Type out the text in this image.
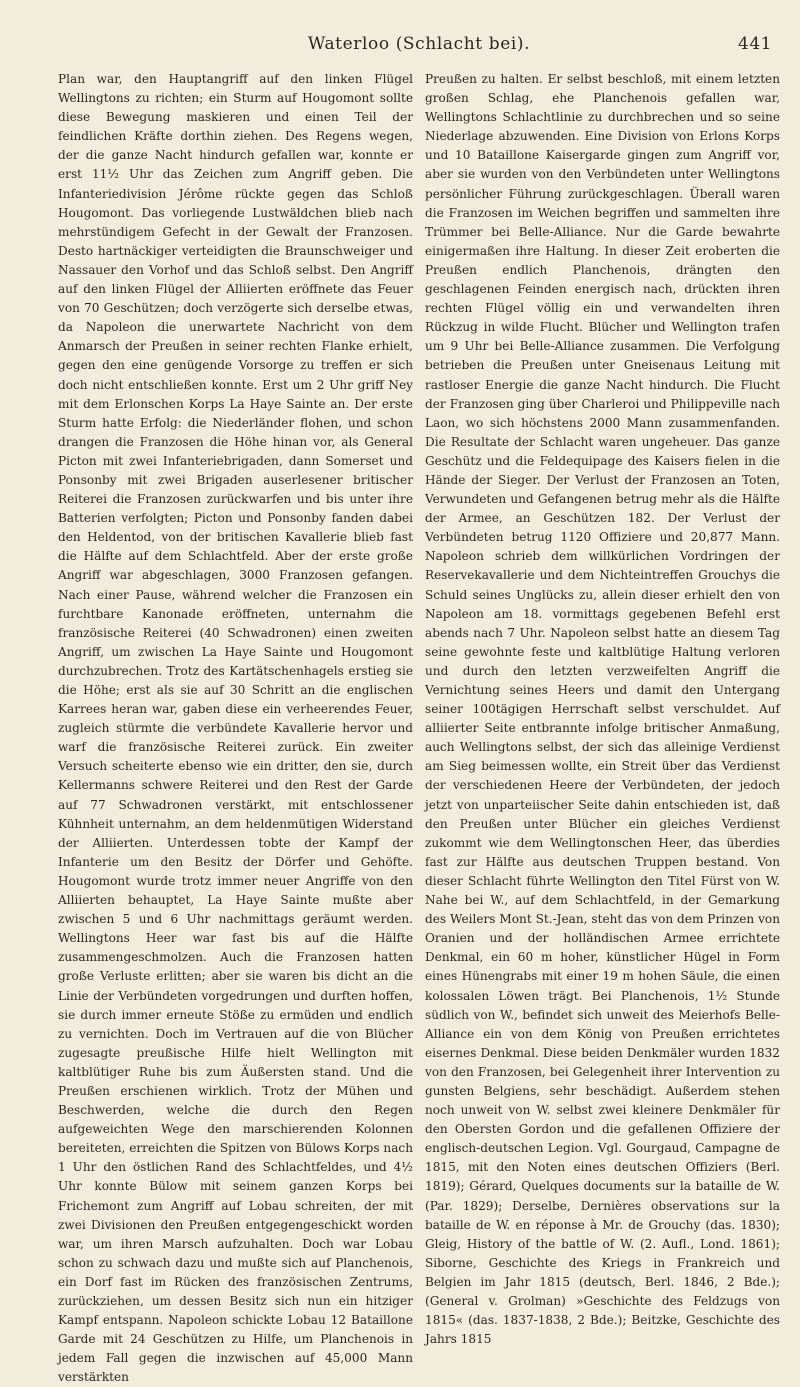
Waterloo (Schlacht bei).	441

Plan war, den Hauptangriff auf den linken Flügel Wellingtons zu richten; ein Sturm auf Hougomont sollte diese Bewegung maskieren und einen Teil der feindlichen Kräfte dorthin ziehen. Des Regens wegen, der die ganze Nacht hindurch gefallen war, konnte er erst 11½ Uhr das Zeichen zum Angriff geben. Die Infanteriedivision Jérôme rückte gegen das Schloß Hougomont. Das vorliegende Lustwäldchen blieb nach mehrstündigem Gefecht in der Gewalt der Franzosen. Desto hartnäckiger verteidigten die Braunschweiger und Nassauer den Vorhof und das Schloß selbst. Den Angriff auf den linken Flügel der Alliierten eröffnete das Feuer von 70 Geschützen; doch verzögerte sich derselbe etwas, da Napoleon die unerwartete Nachricht von dem Anmarsch der Preußen in seiner rechten Flanke erhielt, gegen den eine genügende Vorsorge zu treffen er sich doch nicht entschließen konnte. Erst um 2 Uhr griff Ney mit dem Erlonschen Korps La Haye Sainte an. Der erste Sturm hatte Erfolg: die Niederländer flohen, und schon drangen die Franzosen die Höhe hinan vor, als General Picton mit zwei Infanteriebrigaden, dann Somerset und Ponsonby mit zwei Brigaden auserlesener britischer Reiterei die Franzosen zurückwarfen und bis unter ihre Batterien verfolgten; Picton und Ponsonby fanden dabei den Heldentod, von der britischen Kavallerie blieb fast die Hälfte auf dem Schlachtfeld. Aber der erste große Angriff war abgeschlagen, 3000 Franzosen gefangen. Nach einer Pause, während welcher die Franzosen ein furchtbare Kanonade eröffneten, unternahm die französische Reiterei (40 Schwadronen) einen zweiten Angriff, um zwischen La Haye Sainte und Hougomont durchzubrechen. Trotz des Kartätschenhagels erstieg sie die Höhe; erst als sie auf 30 Schritt an die englischen Karrees heran war, gaben diese ein verheerendes Feuer, zugleich stürmte die verbündete Kavallerie hervor und warf die französische Reiterei zurück. Ein zweiter Versuch scheiterte ebenso wie ein dritter, den sie, durch Kellermanns schwere Reiterei und den Rest der Garde auf 77 Schwadronen verstärkt, mit entschlossener Kühnheit unternahm, an dem heldenmütigen Widerstand der Alliierten. Unterdessen tobte der Kampf der Infanterie um den Besitz der Dörfer und Gehöfte. Hougomont wurde trotz immer neuer Angriffe von den Alliierten behauptet, La Haye Sainte mußte aber zwischen 5 und 6 Uhr nachmittags geräumt werden. Wellingtons Heer war fast bis auf die Hälfte zusammengeschmolzen. Auch die Franzosen hatten große Verluste erlitten; aber sie waren bis dicht an die Linie der Verbündeten vorgedrungen und durften hoffen, sie durch immer erneute Stöße zu ermüden und endlich zu vernichten. Doch im Vertrauen auf die von Blücher zugesagte preußische Hilfe hielt Wellington mit kaltblütiger Ruhe bis zum Äußersten stand. Und die Preußen erschienen wirklich. Trotz der Mühen und Beschwerden, welche die durch den Regen aufgeweichten Wege den marschierenden Kolonnen bereiteten, erreichten die Spitzen von Bülows Korps nach 1 Uhr den östlichen Rand des Schlachtfeldes, und 4½ Uhr konnte Bülow mit seinem ganzen Korps bei Frichemont zum Angriff auf Lobau schreiten, der mit zwei Divisionen den Preußen entgegengeschickt worden war, um ihren Marsch aufzuhalten. Doch war Lobau schon zu schwach dazu und mußte sich auf Planchenois, ein Dorf fast im Rücken des französischen Zentrums, zurückziehen, um dessen Besitz sich nun ein hitziger Kampf entspann. Napoleon schickte Lobau 12 Bataillone Garde mit 24 Geschützen zu Hilfe, um Planchenois in jedem Fall gegen die inzwischen auf 45,000 Mann verstärkten

Preußen zu halten. Er selbst beschloß, mit einem letzten großen Schlag, ehe Planchenois gefallen war, Wellingtons Schlachtlinie zu durchbrechen und so seine Niederlage abzuwenden. Eine Division von Erlons Korps und 10 Bataillone Kaisergarde gingen zum Angriff vor, aber sie wurden von den Verbündeten unter Wellingtons persönlicher Führung zurückgeschlagen. Überall waren die Franzosen im Weichen begriffen und sammelten ihre Trümmer bei Belle-Alliance. Nur die Garde bewahrte einigermaßen ihre Haltung. In dieser Zeit eroberten die Preußen endlich Planchenois, drängten den geschlagenen Feinden energisch nach, drückten ihren rechten Flügel völlig ein und verwandelten ihren Rückzug in wilde Flucht. Blücher und Wellington trafen um 9 Uhr bei Belle-Alliance zusammen. Die Verfolgung betrieben die Preußen unter Gneisenaus Leitung mit rastloser Energie die ganze Nacht hindurch. Die Flucht der Franzosen ging über Charleroi und Philippeville nach Laon, wo sich höchstens 2000 Mann zusammenfanden. Die Resultate der Schlacht waren ungeheuer. Das ganze Geschütz und die Feldequipage des Kaisers fielen in die Hände der Sieger. Der Verlust der Franzosen an Toten, Verwundeten und Gefangenen betrug mehr als die Hälfte der Armee, an Geschützen 182. Der Verlust der Verbündeten betrug 1120 Offiziere und 20,877 Mann. Napoleon schrieb dem willkürlichen Vordringen der Reservekavallerie und dem Nichteintreffen Grouchys die Schuld seines Unglücks zu, allein dieser erhielt den von Napoleon am 18. vormittags gegebenen Befehl erst abends nach 7 Uhr. Napoleon selbst hatte an diesem Tag seine gewohnte feste und kaltblütige Haltung verloren und durch den letzten verzweifelten Angriff die Vernichtung seines Heers und damit den Untergang seiner 100tägigen Herrschaft selbst verschuldet. Auf alliierter Seite entbrannte infolge britischer Anmaßung, auch Wellingtons selbst, der sich das alleinige Verdienst am Sieg beimessen wollte, ein Streit über das Verdienst der verschiedenen Heere der Verbündeten, der jedoch jetzt von unparteiischer Seite dahin entschieden ist, daß den Preußen unter Blücher ein gleiches Verdienst zukommt wie dem Wellingtonschen Heer, das überdies fast zur Hälfte aus deutschen Truppen bestand. Von dieser Schlacht führte Wellington den Titel Fürst von W. Nahe bei W., auf dem Schlachtfeld, in der Gemarkung des Weilers Mont St.-Jean, steht das von dem Prinzen von Oranien und der holländischen Armee errichtete Denkmal, ein 60 m hoher, künstlicher Hügel in Form eines Hünengrabs mit einer 19 m hohen Säule, die einen kolossalen Löwen trägt. Bei Planchenois, 1½ Stunde südlich von W., befindet sich unweit des Meierhofs Belle-Alliance ein von dem König von Preußen errichtetes eisernes Denkmal. Diese beiden Denkmäler wurden 1832 von den Franzosen, bei Gelegenheit ihrer Intervention zu gunsten Belgiens, sehr beschädigt. Außerdem stehen noch unweit von W. selbst zwei kleinere Denkmäler für den Obersten Gordon und die gefallenen Offiziere der englisch-deutschen Legion. Vgl. Gourgaud, Campagne de 1815, mit den Noten eines deutschen Offiziers (Berl. 1819); Gérard, Quelques documents sur la bataille de W. (Par. 1829); Derselbe, Dernières observations sur la bataille de W. en réponse à Mr. de Grouchy (das. 1830); Gleig, History of the battle of W. (2. Aufl., Lond. 1861); Siborne, Geschichte des Kriegs in Frankreich und Belgien im Jahr 1815 (deutsch, Berl. 1846, 2 Bde.); (General v. Grolman) »Geschichte des Feldzugs von 1815« (das. 1837-1838, 2 Bde.); Beitzke, Geschichte des Jahrs 1815
